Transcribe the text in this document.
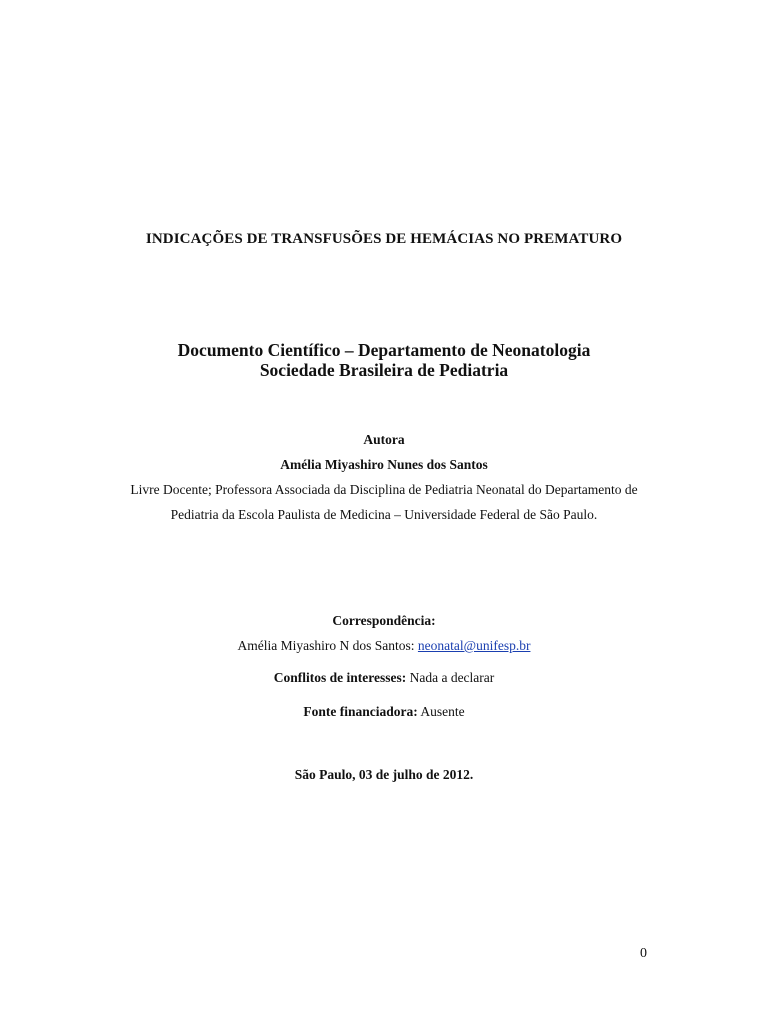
INDICAÇÕES DE TRANSFUSÕES DE HEMÁCIAS NO PREMATURO
Documento Científico – Departamento de Neonatologia
Sociedade Brasileira de Pediatria
Autora
Amélia Miyashiro Nunes dos Santos
Livre Docente; Professora Associada da Disciplina de Pediatria Neonatal do Departamento de
Pediatria da Escola Paulista de Medicina – Universidade Federal de São Paulo.
Correspondência:
Amélia Miyashiro N dos Santos: neonatal@unifesp.br
Conflitos de interesses: Nada a declarar
Fonte financiadora: Ausente
São Paulo, 03 de julho de 2012.
0
